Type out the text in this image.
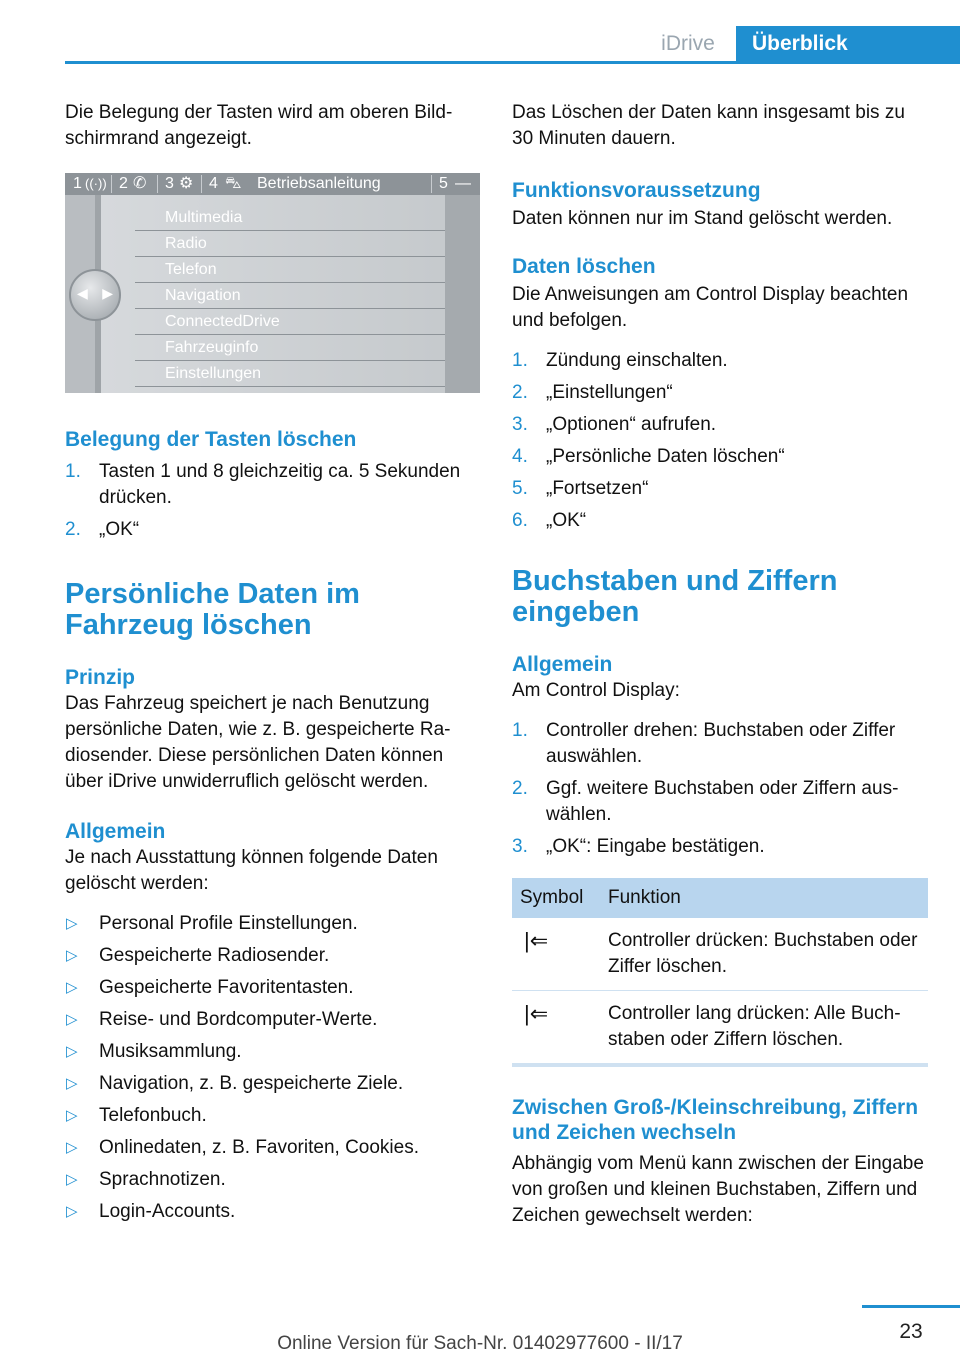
iDrive	Überblick

Die Belegung der Tasten wird am oberen Bildschirmrand angezeigt.

1 ((·)) 2 ✆ 3 ⚙ 4 ⛍ Betriebsanleitung	5 —
Multimedia
Radio
Telefon
Navigation
ConnectedDrive
Fahrzeuginfo
Einstellungen
◀ ▶
Belegung der Tasten löschen
1. Tasten 1 und 8 gleichzeitig ca. 5 Sekunden drücken.
2. „OK“
Persönliche Daten im Fahrzeug löschen
Prinzip

Das Fahrzeug speichert je nach Benutzung persönliche Daten, wie z. B. gespeicherte Radiosender. Diese persönlichen Daten können über iDrive unwiderruflich gelöscht werden.

Allgemein

Je nach Ausstattung können folgende Daten gelöscht werden:

▷ Personal Profile Einstellungen.
▷ Gespeicherte Radiosender.
▷ Gespeicherte Favoritentasten.
▷ Reise- und Bordcomputer-Werte.
▷ Musiksammlung.
▷ Navigation, z. B. gespeicherte Ziele.
▷ Telefonbuch.
▷ Onlinedaten, z. B. Favoriten, Cookies.
▷ Sprachnotizen.
▷ Login-Accounts.

Das Löschen der Daten kann insgesamt bis zu 30 Minuten dauern.

Funktionsvoraussetzung

Daten können nur im Stand gelöscht werden.

Daten löschen

Die Anweisungen am Control Display beachten und befolgen.

1. Zündung einschalten.
2. „Einstellungen“
3. „Optionen“ aufrufen.
4. „Persönliche Daten löschen“
5. „Fortsetzen“
6. „OK“
Buchstaben und Ziffern eingeben
Allgemein

Am Control Display:

1. Controller drehen: Buchstaben oder Ziffer auswählen.
2. Ggf. weitere Buchstaben oder Ziffern auswählen.
3. „OK“: Eingabe bestätigen.
Symbol	Funktion
|⇐	Controller drücken: Buchstaben oder Ziffer löschen.
|⇐	Controller lang drücken: Alle Buchstaben oder Ziffern löschen.
Zwischen Groß-/Kleinschreibung, Ziffern und Zeichen wechseln

Abhängig vom Menü kann zwischen der Eingabe von großen und kleinen Buchstaben, Ziffern und Zeichen gewechselt werden:

23
Online Version für Sach-Nr. 01402977600 - II/17
